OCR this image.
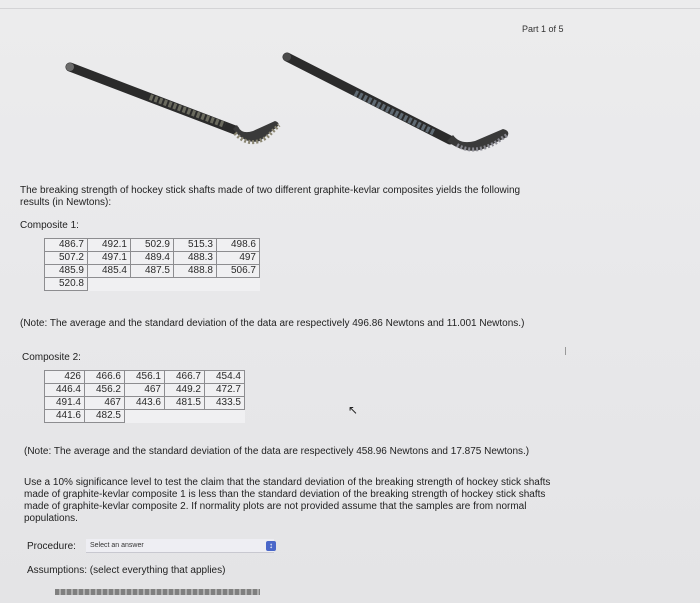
Part 1 of 5
The breaking strength of hockey stick shafts made of two different graphite-kevlar composites yields the following results (in Newtons):
Composite 1:
486.7	492.1	502.9	515.3	498.6
507.2	497.1	489.4	488.3	497
485.9	485.4	487.5	488.8	506.7
520.8				
(Note: The average and the standard deviation of the data are respectively 496.86 Newtons and 11.001 Newtons.)
Composite 2:
426	466.6	456.1	466.7	454.4
446.4	456.2	467	449.2	472.7
491.4	467	443.6	481.5	433.5
441.6	482.5				↖
(Note: The average and the standard deviation of the data are respectively 458.96 Newtons and 17.875 Newtons.)
Use a 10% significance level to test the claim that the standard deviation of the breaking strength of hockey stick shafts made of graphite-kevlar composite 1 is less than the standard deviation of the breaking strength of hockey stick shafts made of graphite-kevlar composite 2. If normality plots are not provided assume that the samples are from normal populations.
Procedure:	Select an answer	↕
Assumptions: (select everything that applies)
